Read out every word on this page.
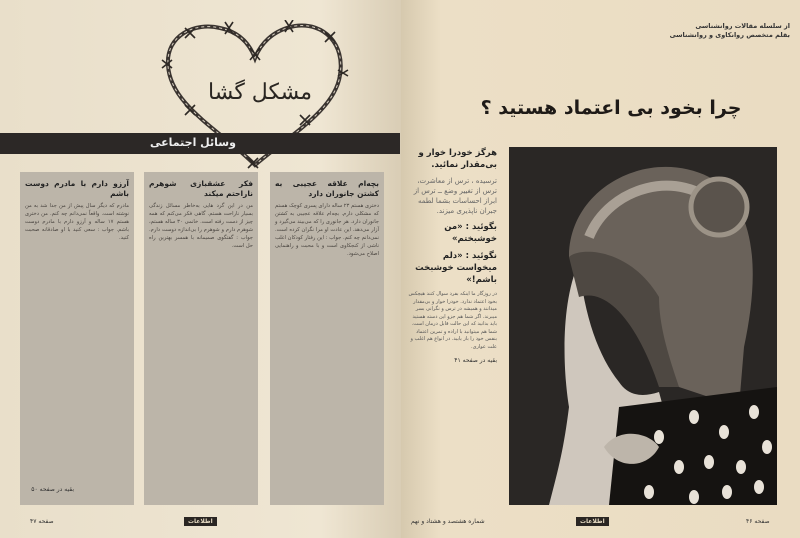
وسائل اجتماعی
مشکل گشا
بچه‌ام علاقه عجیبی به کشتن جانوران دارد

دختری هستم ۲۳ ساله دارای پسری کوچک هستم که مشکلی دارم. بچه‌ام علاقه عجیبی به کشتن جانوران دارد. هر جانوری را که می‌بیند می‌گیرد و آزار می‌دهد. این عادت او مرا نگران کرده است. نمی‌دانم چه کنم. جواب : این رفتار کودکان اغلب ناشی از کنجکاوی است و با محبت و راهنمایی اصلاح می‌شود.

فکر عشقبازی شوهرم ناراحتم میکند

من در این گرد هایی به‌خاطر مسائل زندگی بسیار ناراحت هستم. گاهی فکر می‌کنم که همه چیز از دست رفته است. خانمی ۳۰ ساله هستم، شوهرم دارم و شوهرم را بی‌اندازه دوست دارم. جواب : گفتگوی صمیمانه با همسر بهترین راه حل است.

آرزو دارم با مادرم دوست باشم

مادرم که دیگر سال پیش از من جدا شد به من نوشته است. واقعاً نمی‌دانم چه کنم. من دختری هستم ۱۷ ساله و آرزو دارم با مادرم دوست باشم. جواب : سعی کنید با او صادقانه صحبت کنید.

بقیه در صفحه ۵۰

صفحه ۴۷	اطلاعات
از سلسله مقالات روانشناسی
بقلم متخصص روانکاوی و روانشناسی
چرا بخود بی اعتماد هستید ؟
هرگز خودرا خوار و بی‌مقدار نمائید.
ترسیده ، ترس از معاشرت، ترس از تغییر وضع ــ ترس از ابراز احساسات بشما لطمه جبران ناپذیری میزند.
بگوئید : «من خوشبختم»
نگوئید : «دلم میخواست خوشبخت باشم!»
در روزگار ما اینکه بفرد سوال کنند هیچکس بخود اعتماد ندارد. خودرا خوار و بی‌مقدار میدانند و همیشه در ترس و نگرانی بسر میبرند. اگر شما هم جزو این دسته هستید باید بدانید که این حالت قابل درمان است. شما هم میتوانید با اراده و تمرین اعتماد بنفس خود را باز یابید. در انواع هم اغلب و علت عواری.
بقیه در صفحه ۴۱
شماره هشتصد و هشتاد و نهم	اطلاعات	صفحه ۴۶
